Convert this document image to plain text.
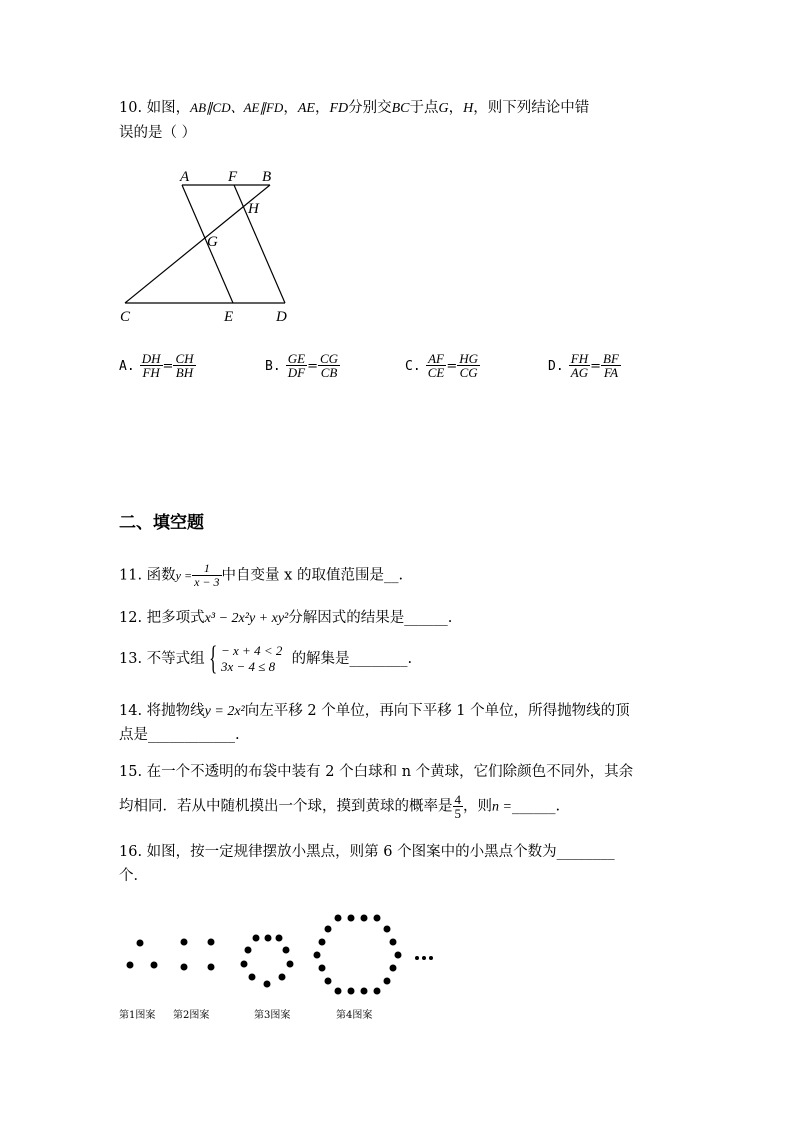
10. 如图，AB∥CD、AE∥FD，AE，FD分别交BC于点G，H，则下列结论中错
误的是（ ）
A	F B
H
G
C	E	D
A. $\frac{DH}{FH} = \frac{CH}{BH}$	B. $\frac{GE}{DF} = \frac{CG}{CB}$	C. $\frac{AF}{CE} = \frac{HG}{CG}$	D. $\frac{FH}{AG} = \frac{BF}{FA}$
二、填空题
11. 函数$y = \frac{1}{x - 3}$ 中自变量 x 的取值范围是__.
12. 把多项式x³ − 2x²y + xy²分解因式的结果是______.
13. 不等式组 { − x + 4 < 2
3x − 4 ≤ 8	的解集是________.
14. 将抛物线y = 2x²向左平移 2 个单位，再向下平移 1 个单位，所得抛物线的顶
点是____________.
15. 在一个不透明的布袋中装有 2 个白球和 n 个黄球，它们除颜色不同外，其余
均相同．若从中随机摸出一个球，摸到黄球的概率是 $\frac{4}{5}$ ，则n =______.
16. 如图，按一定规律摆放小黑点，则第 6 个图案中的小黑点个数为________
个．
第1图案 第2图案	第3图案	第4图案
